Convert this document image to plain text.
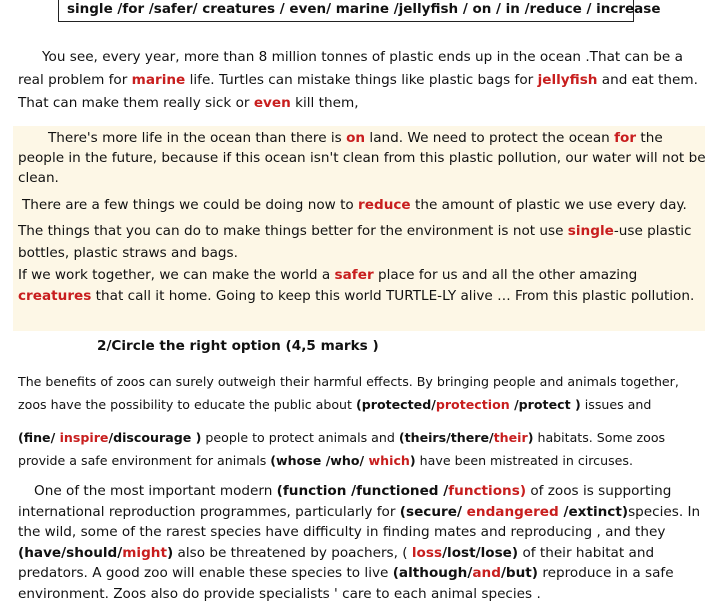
single /for /safer/ creatures / even/ marine /jellyfish / on / in /reduce / increase

You see, every year, more than 8 million tonnes of plastic ends up in the ocean .That can be a real problem for marine life. Turtles can mistake things like plastic bags for jellyfish and eat them. That can make them really sick or even kill them,

There's more life in the ocean than there is on land. We need to protect the ocean for the people in the future, because if this ocean isn't clean from this plastic pollution, our water will not be clean.

There are a few things we could be doing now to reduce the amount of plastic we use every day.

The things that you can do to make things better for the environment is not use single-use plastic bottles, plastic straws and bags.

If we work together, we can make the world a safer place for us and all the other amazing creatures that call it home. Going to keep this world TURTLE-LY alive … From this plastic pollution.

2/Circle the right option (4,5 marks )

The benefits of zoos can surely outweigh their harmful effects. By bringing people and animals together, zoos have the possibility to educate the public about (protected/protection /protect ) issues and

(fine/ inspire/discourage ) people to protect animals and (theirs/there/their) habitats. Some zoos provide a safe environment for animals (whose /who/ which) have been mistreated in circuses.

One of the most important modern (function /functioned /functions) of zoos is supporting international reproduction programmes, particularly for (secure/ endangered /extinct)species. In the wild, some of the rarest species have difficulty in finding mates and reproducing , and they (have/should/might) also be threatened by poachers, ( loss/lost/lose) of their habitat and predators. A good zoo will enable these species to live (although/and/but) reproduce in a safe environment. Zoos also do provide specialists ' care to each animal species .
